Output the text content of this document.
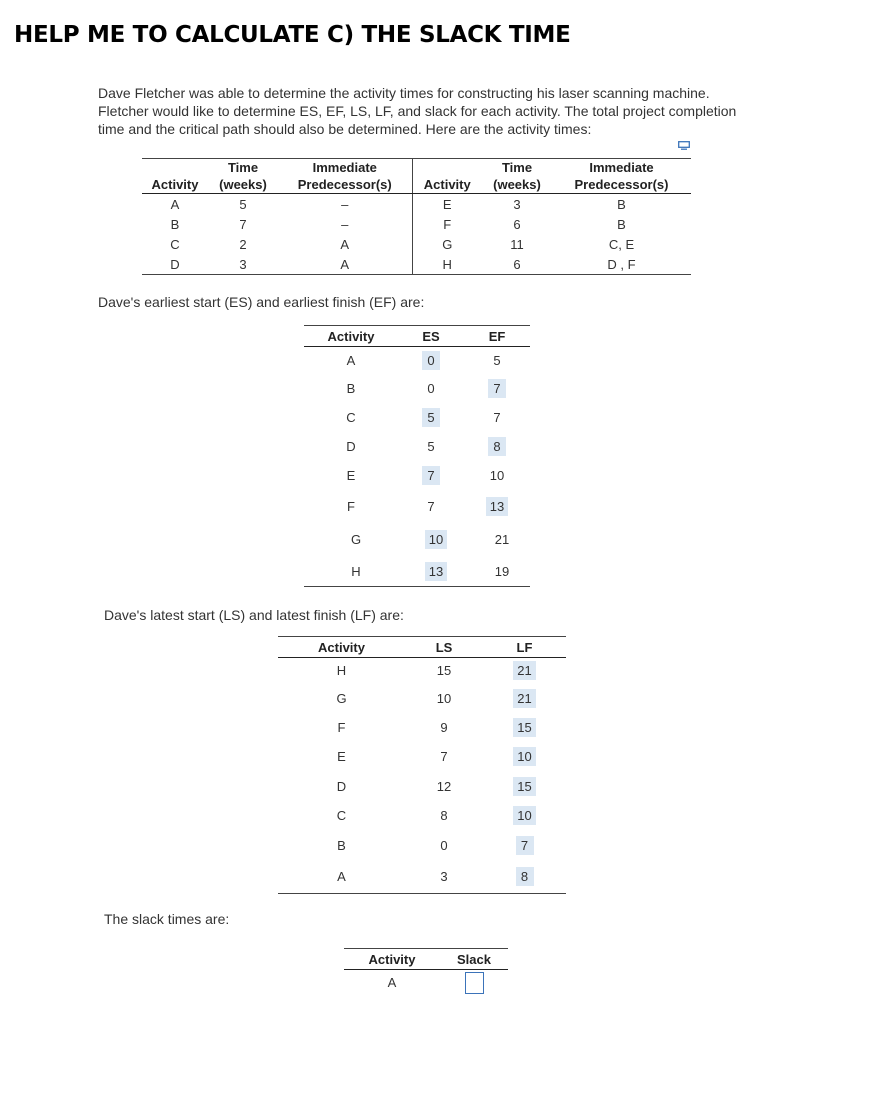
HELP ME TO CALCULATE C) THE SLACK TIME
Dave Fletcher was able to determine the activity times for constructing his laser scanning machine. Fletcher would like to determine ES, EF, LS, LF, and slack for each activity. The total project completion time and the critical path should also be determined. Here are the activity times:
	Time	Immediate		Time	Immediate
Activity	(weeks)	Predecessor(s)	Activity	(weeks)	Predecessor(s)
A	5	–	E	3	B
B	7	–	F	6	B
C	2	A	G	11	C, E
D	3	A	H	6	D , F
Dave's earliest start (ES) and earliest finish (EF) are:
Activity	ES	EF
A	0	5
B	0	7
C	5	7
D	5	8
E	7	10
F	7	13
G	10	21
H	13	19
Dave's latest start (LS) and latest finish (LF) are:
Activity	LS	LF
H	15	21
G	10	21
F	9	15
E	7	10
D	12	15
C	8	10
B	0	7
A	3	8
The slack times are:
Activity	Slack
A	
